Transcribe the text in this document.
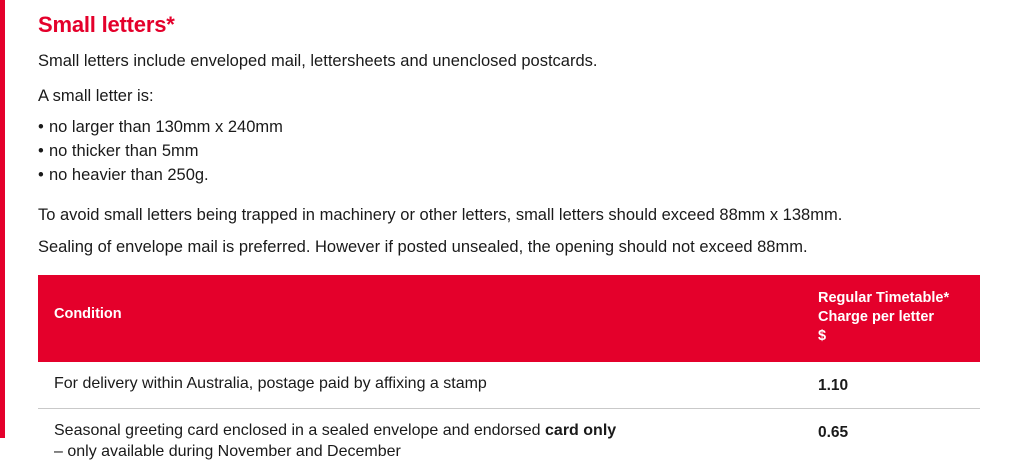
Small letters*

Small letters include enveloped mail, lettersheets and unenclosed postcards.

A small letter is:

• no larger than 130mm x 240mm
• no thicker than 5mm
• no heavier than 250g.

To avoid small letters being trapped in machinery or other letters, small letters should exceed 88mm x 138mm.

Sealing of envelope mail is preferred. However if posted unsealed, the opening should not exceed 88mm.

Condition	Regular Timetable*
Charge per letter
$

For delivery within Australia, postage paid by affixing a stamp	1.10
Seasonal greeting card enclosed in a sealed envelope and endorsed card only
– only available during November and December	0.65
